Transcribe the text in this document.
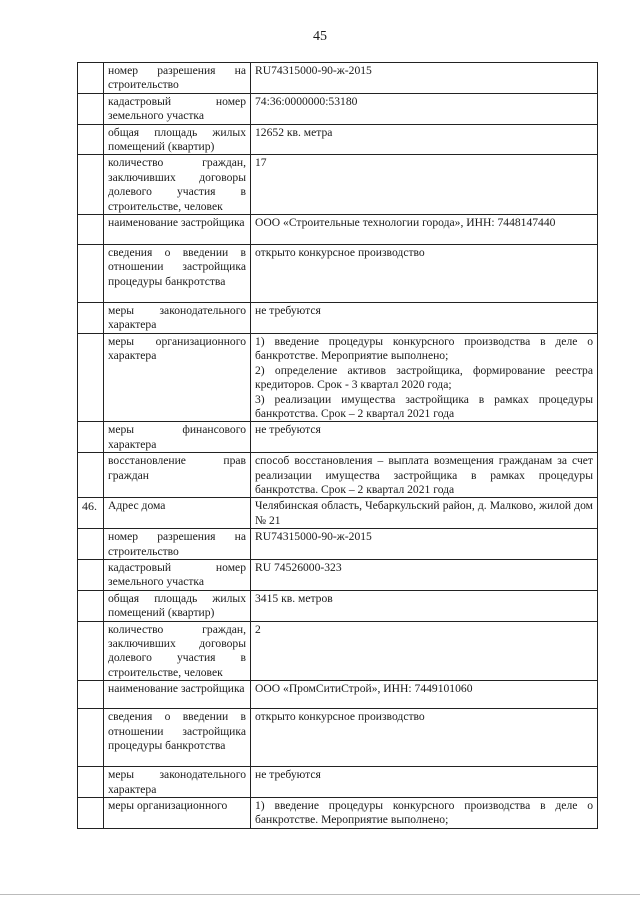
45
	номер разрешения на строительство	RU74315000-90-ж-2015

	кадастровый номер земельного участка	74:36:0000000:53180

	общая площадь жилых помещений (квартир)	12652 кв. метра

	количество граждан, заключивших договоры долевого участия в строительстве, человек	17

	наименование застройщика	ООО «Строительные технологии города», ИНН: 7448147440

	сведения о введении в отношении застройщика процедуры банкротства	открыто конкурсное производство

	меры законодательного характера	не требуются

	меры организационного характера	1) введение процедуры конкурсного производства в деле о банкротстве. Мероприятие выполнено;
2) определение активов застройщика, формирование реестра кредиторов. Срок - 3 квартал 2020 года;
3) реализации имущества застройщика в рамках процедуры банкротства. Срок – 2 квартал 2021 года

	меры финансового характера	не требуются

	восстановление прав граждан	способ восстановления – выплата возмещения гражданам за счет реализации имущества застройщика в рамках процедуры банкротства. Срок – 2 квартал 2021 года

46.	Адрес дома	Челябинская область, Чебаркульский район, д. Малково, жилой дом № 21

	номер разрешения на строительство	RU74315000-90-ж-2015

	кадастровый номер земельного участка	RU 74526000-323

	общая площадь жилых помещений (квартир)	3415 кв. метров

	количество граждан, заключивших договоры долевого участия в строительстве, человек	2

	наименование застройщика	ООО «ПромСитиСтрой», ИНН: 7449101060

	сведения о введении в отношении застройщика процедуры банкротства	открыто конкурсное производство

	меры законодательного характера	не требуются

	меры организационного	1) введение процедуры конкурсного производства в деле о банкротстве. Мероприятие выполнено;
